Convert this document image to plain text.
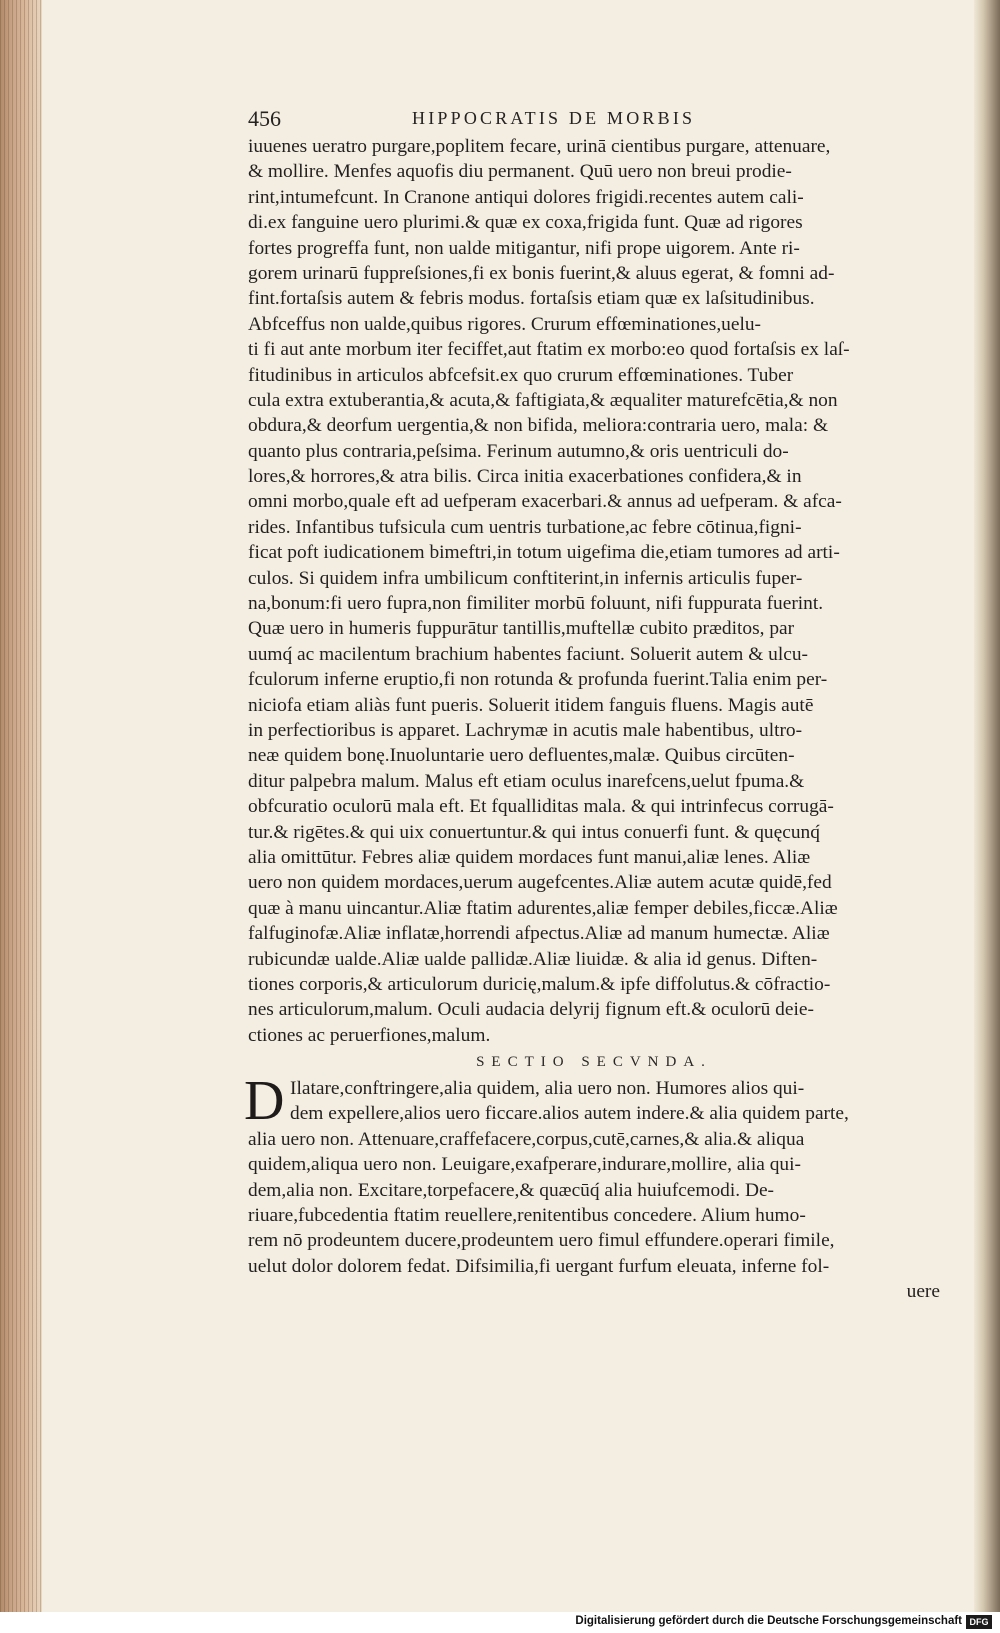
456	HIPPOCRATIS DE MORBIS
iuuenes ueratro purgare,poplitem fecare, urinā cientibus purgare, attenuare,
& mollire. Menfes aquofis diu permanent. Quū uero non breui prodie-
rint,intumefcunt. In Cranone antiqui dolores frigidi.recentes autem cali-
di.ex fanguine uero plurimi.& quæ ex coxa,frigida funt. Quæ ad rigores
fortes progreffa funt, non ualde mitigantur, nifi prope uigorem. Ante ri-
gorem urinarū fuppreſsiones,fi ex bonis fuerint,& aluus egerat, & fomni ad-
fint.fortaſsis autem & febris modus. fortaſsis etiam quæ ex laſsitudinibus.
Abfceffus non ualde,quibus rigores. Crurum effœminationes,uelu-
ti fi aut ante morbum iter feciffet,aut ftatim ex morbo:eo quod fortaſsis ex laſ-
fitudinibus in articulos abfcefsit.ex quo crurum effœminationes. Tuber
cula extra extuberantia,& acuta,& faftigiata,& æqualiter maturefcētia,& non
obdura,& deorfum uergentia,& non bifida, meliora:contraria uero, mala: &
quanto plus contraria,peſsima. Ferinum autumno,& oris uentriculi do-
lores,& horrores,& atra bilis. Circa initia exacerbationes confidera,& in
omni morbo,quale eft ad uefperam exacerbari.& annus ad uefperam. & afca-
rides. Infantibus tufsicula cum uentris turbatione,ac febre cōtinua,figni-
ficat poft iudicationem bimeftri,in totum uigefima die,etiam tumores ad arti-
culos. Si quidem infra umbilicum conftiterint,in infernis articulis fuper-
na,bonum:fi uero fupra,non fimiliter morbū foluunt, nifi fuppurata fuerint.
Quæ uero in humeris fuppurātur tantillis,muftellæ cubito præditos, par
uumq́ ac macilentum brachium habentes faciunt. Soluerit autem & ulcu-
fculorum inferne eruptio,fi non rotunda & profunda fuerint.Talia enim per-
niciofa etiam aliàs funt pueris. Soluerit itidem fanguis fluens. Magis autē
in perfectioribus is apparet. Lachrymæ in acutis male habentibus, ultro-
neæ quidem bonę.Inuoluntarie uero defluentes,malæ. Quibus circūten-
ditur palpebra malum. Malus eft etiam oculus inarefcens,uelut fpuma.&
obfcuratio oculorū mala eft. Et fqualliditas mala. & qui intrinfecus corrugā-
tur.& rigētes.& qui uix conuertuntur.& qui intus conuerfi funt. & quęcunq́
alia omittūtur. Febres aliæ quidem mordaces funt manui,aliæ lenes. Aliæ
uero non quidem mordaces,uerum augefcentes.Aliæ autem acutæ quidē,fed
quæ à manu uincantur.Aliæ ftatim adurentes,aliæ femper debiles,ficcæ.Aliæ
falfuginofæ.Aliæ inflatæ,horrendi afpectus.Aliæ ad manum humectæ. Aliæ
rubicundæ ualde.Aliæ ualde pallidæ.Aliæ liuidæ. & alia id genus. Diften-
tiones corporis,& articulorum duricię,malum.& ipfe diffolutus.& cōfractio-
nes articulorum,malum. Oculi audacia delyrij fignum eft.& oculorū deie-
ctiones ac peruerfiones,malum.
SECTIO SECVNDA.
D Ilatare,conftringere,alia quidem, alia uero non. Humores alios qui-
dem expellere,alios uero ficcare.alios autem indere.& alia quidem parte,
alia uero non. Attenuare,craffefacere,corpus,cutē,carnes,& alia.& aliqua
quidem,aliqua uero non. Leuigare,exafperare,indurare,mollire, alia qui-
dem,alia non. Excitare,torpefacere,& quæcūq́ alia huiufcemodi. De-
riuare,fubcedentia ftatim reuellere,renitentibus concedere. Alium humo-
rem nō prodeuntem ducere,prodeuntem uero fimul effundere.operari fimile,
uelut dolor dolorem fedat. Difsimilia,fi uergant furfum eleuata, inferne fol-
uere
Digitalisierung gefördert durch die Deutsche Forschungsgemeinschaft DFG
